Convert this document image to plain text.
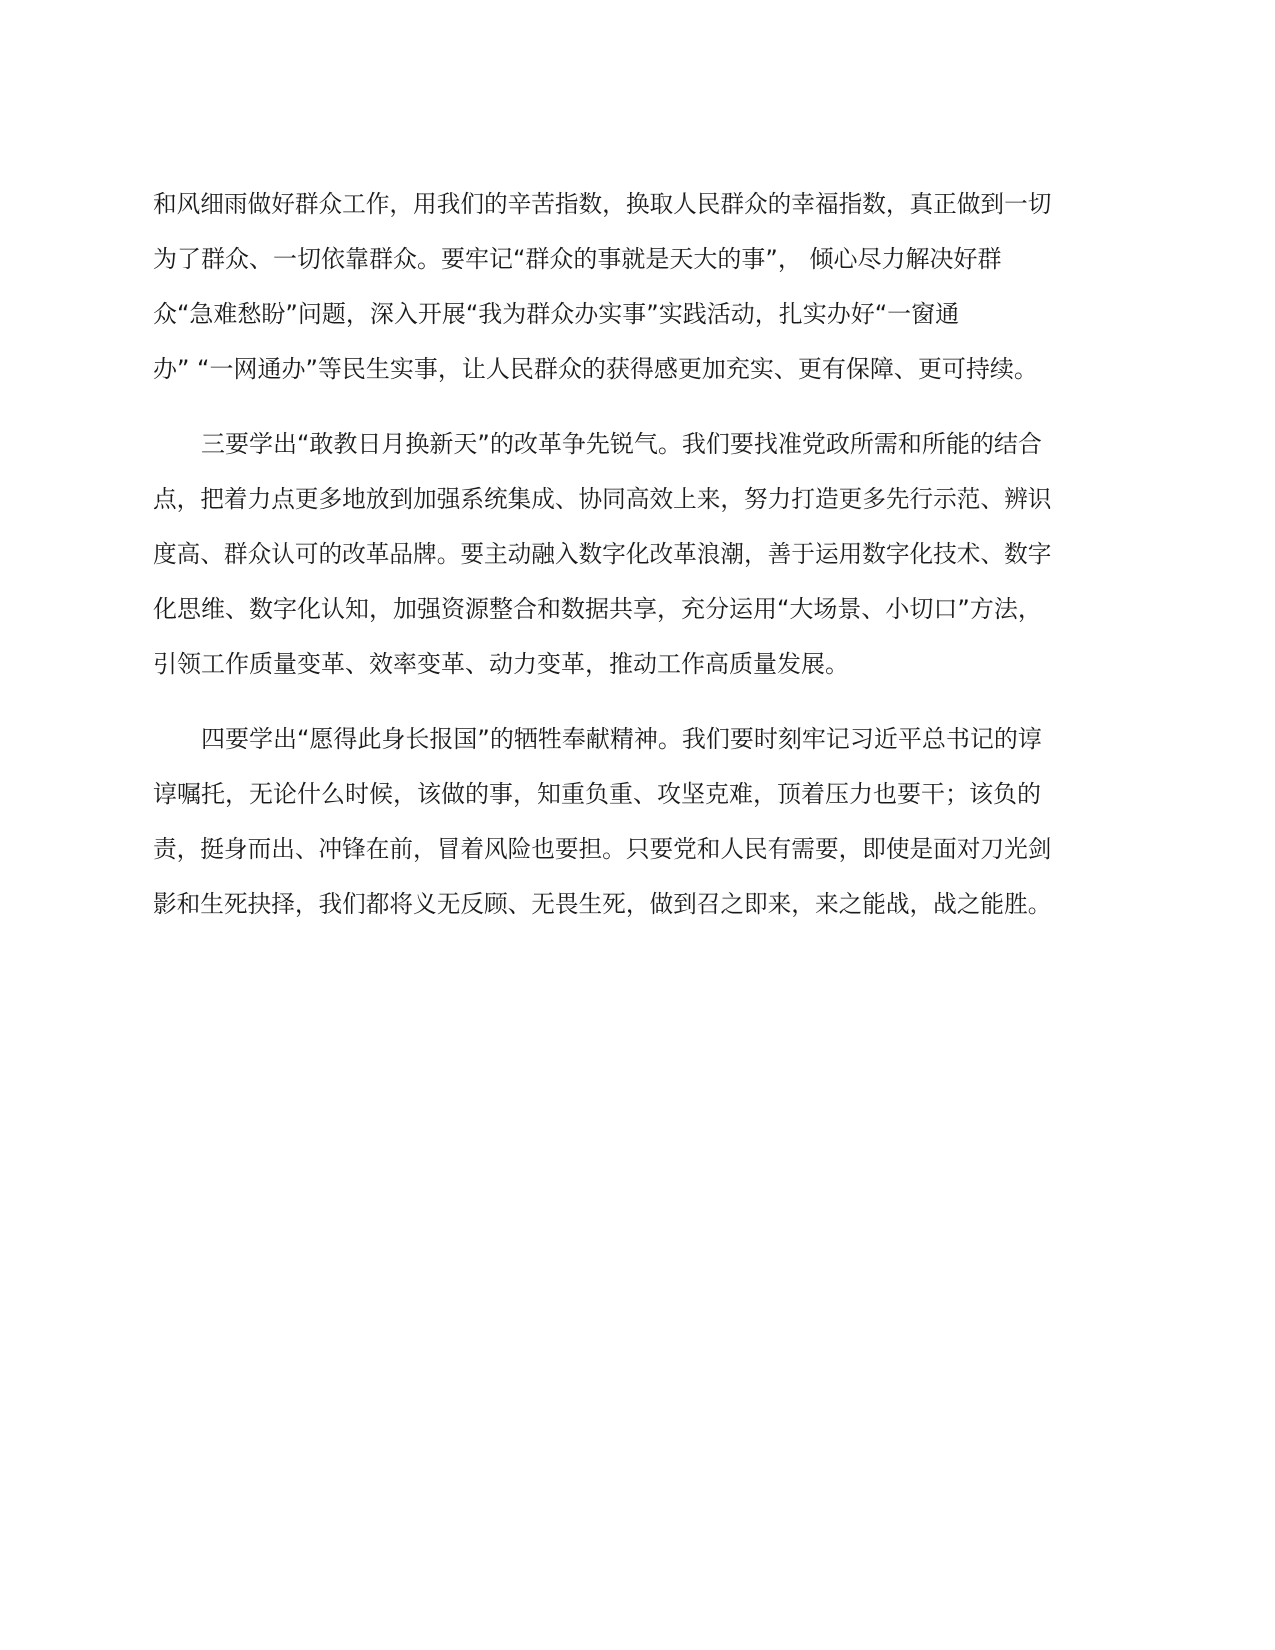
和风细雨做好群众工作，用我们的辛苦指数，换取人民群众的幸福指数，真正做到一切

为了群众、一切依靠群众。要牢记“群众的事就是天大的事”， 倾心尽力解决好群

众“急难愁盼”问题，深入开展“我为群众办实事”实践活动，扎实办好“一窗通

办” “一网通办”等民生实事，让人民群众的获得感更加充实、更有保障、更可持续。

三要学出“敢教日月换新天”的改革争先锐气。我们要找准党政所需和所能的结合

点，把着力点更多地放到加强系统集成、协同高效上来，努力打造更多先行示范、辨识

度高、群众认可的改革品牌。要主动融入数字化改革浪潮，善于运用数字化技术、数字

化思维、数字化认知，加强资源整合和数据共享，充分运用“大场景、小切口”方法，

引领工作质量变革、效率变革、动力变革，推动工作高质量发展。

四要学出“愿得此身长报国”的牺牲奉献精神。我们要时刻牢记习近平总书记的谆

谆嘱托，无论什么时候，该做的事，知重负重、攻坚克难，顶着压力也要干；该负的

责，挺身而出、冲锋在前，冒着风险也要担。只要党和人民有需要，即使是面对刀光剑

影和生死抉择，我们都将义无反顾、无畏生死，做到召之即来，来之能战，战之能胜。
